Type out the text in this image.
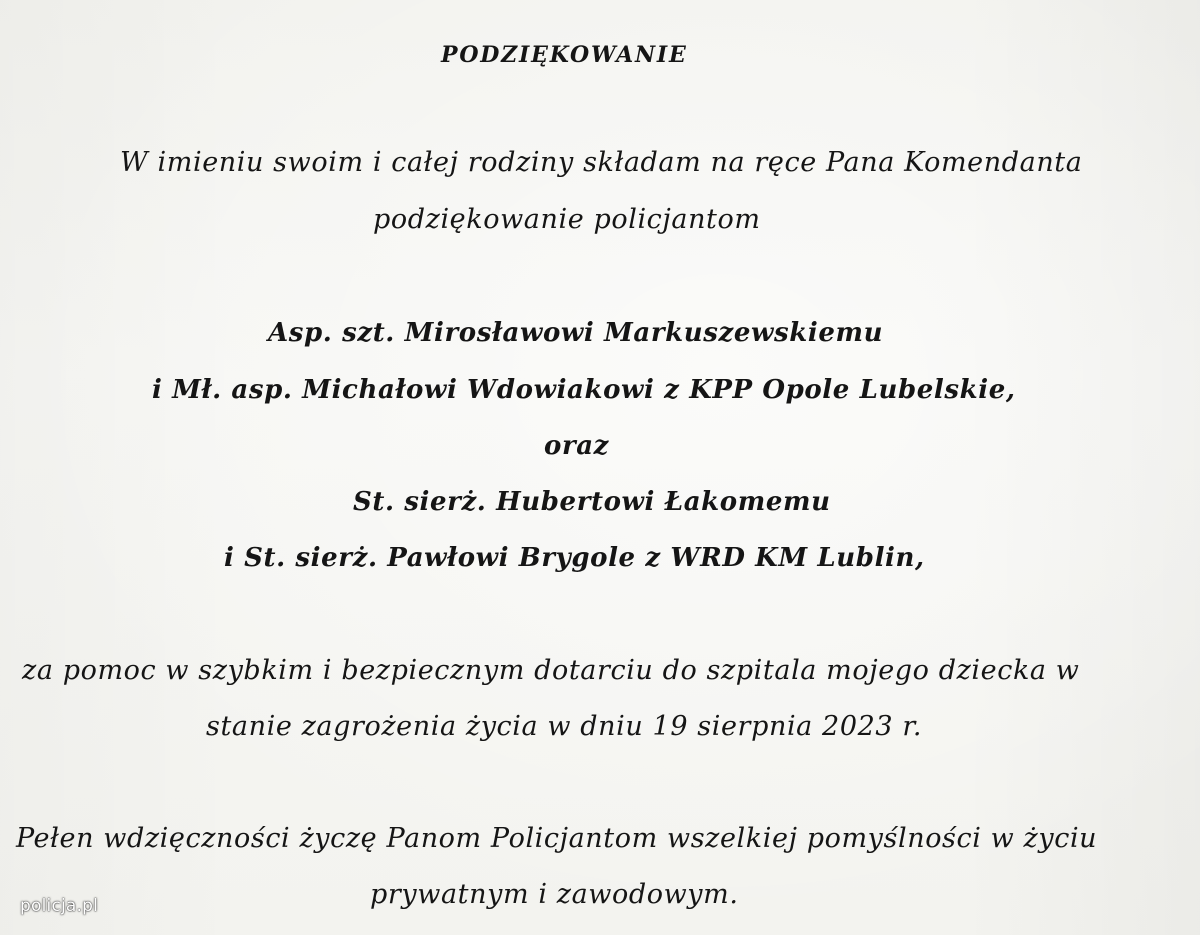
PODZIĘKOWANIE
W imieniu swoim i całej rodziny składam na ręce Pana Komendanta
podziękowanie policjantom
Asp. szt. Mirosławowi Markuszewskiemu
i Mł. asp. Michałowi Wdowiakowi z KPP Opole Lubelskie,
oraz
St. sierż. Hubertowi Łakomemu
i St. sierż. Pawłowi Brygole z WRD KM Lublin,
za pomoc w szybkim i bezpiecznym dotarciu do szpitala mojego dziecka w
stanie zagrożenia życia w dniu 19 sierpnia 2023 r.
Pełen wdzięczności życzę Panom Policjantom wszelkiej pomyślności w życiu
prywatnym i zawodowym.
policja.pl
